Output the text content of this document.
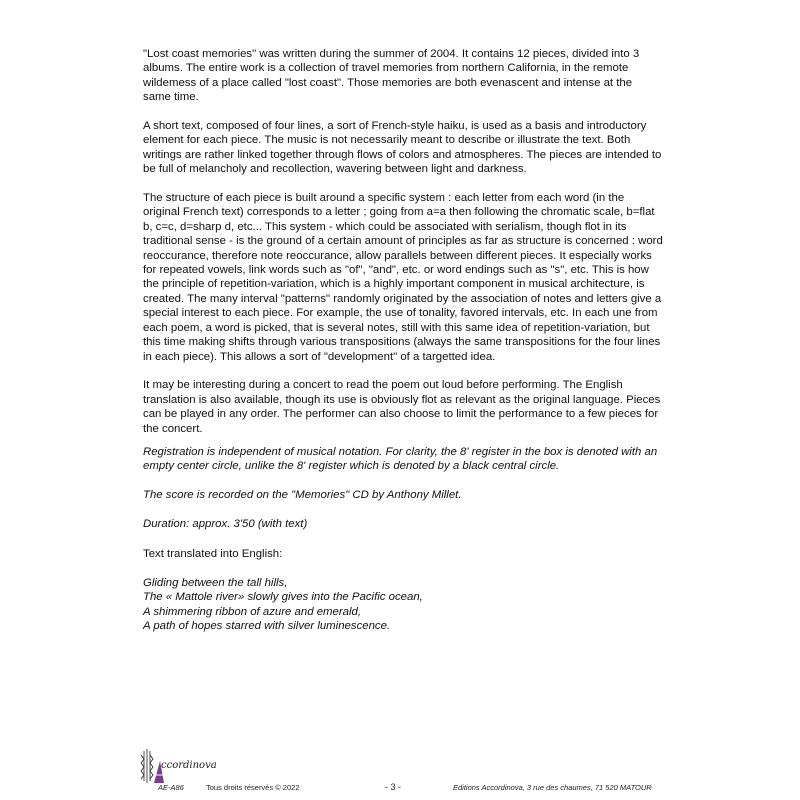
"Lost coast memories" was written during the summer of 2004. It contains 12 pieces, divided into 3 albums. The entire work is a collection of travel memories from northern California, in the remote wildemess of a place called "lost coast". Those memories are both evenascent and intense at the same time.

A short text, composed of four lines, a sort of French-style haiku, is used as a basis and introductory element for each piece. The music is not necessarily meant to describe or illustrate the text. Both writings are rather linked together through flows of colors and atmospheres. The pieces are intended to be full of melancholy and recollection, wavering between light and darkness.

The structure of each piece is built around a specific system : each letter from each word (in the original French text) corresponds to a letter ; going from a=a then following the chromatic scale, b=flat b, c=c, d=sharp d, etc... This system - which could be associated with serialism, though flot in its traditional sense - is the ground of a certain amount of principles as far as structure is concerned : word reoccurance, therefore note reoccurance, allow parallels between different pieces. It especially works for repeated vowels, link words such as "of", "and", etc. or word endings such as "s", etc. This is how the principle of repetition-variation, which is a highly important component in musical architecture, is created. The many interval "patterns" randomly originated by the association of notes and letters give a special interest to each piece. For example, the use of tonality, favored intervals, etc. In each une from each poem, a word is picked, that is several notes, still with this same idea of repetition-variation, but this time making shifts through various transpositions (always the same transpositions for the four lines in each piece). This allows a sort of "development" of a targetted idea.

It may be interesting during a concert to read the poem out loud before performing. The English translation is also available, though its use is obviously flot as relevant as the original language. Pieces can be played in any order. The performer can also choose to limit the performance to a few pieces for the concert.

Registration is independent of musical notation. For clarity, the 8' register in the box is denoted with an empty center circle, unlike the 8' register which is denoted by a black central circle.

The score is recorded on the "Memories" CD by Anthony Millet.

Duration: approx. 3'50 (with text)

Text translated into English:
Gliding between the tall hills,
The « Mattole river» slowly gives into the Pacific ocean,
A shimmering ribbon of azure and emerald,
A path of hopes starred with silver luminescence.
ccordinova
AE-A86	Tous droits réservés © 2022	- 3 -	Editions Accordinova, 3 rue des chaumes, 71 520 MATOUR
